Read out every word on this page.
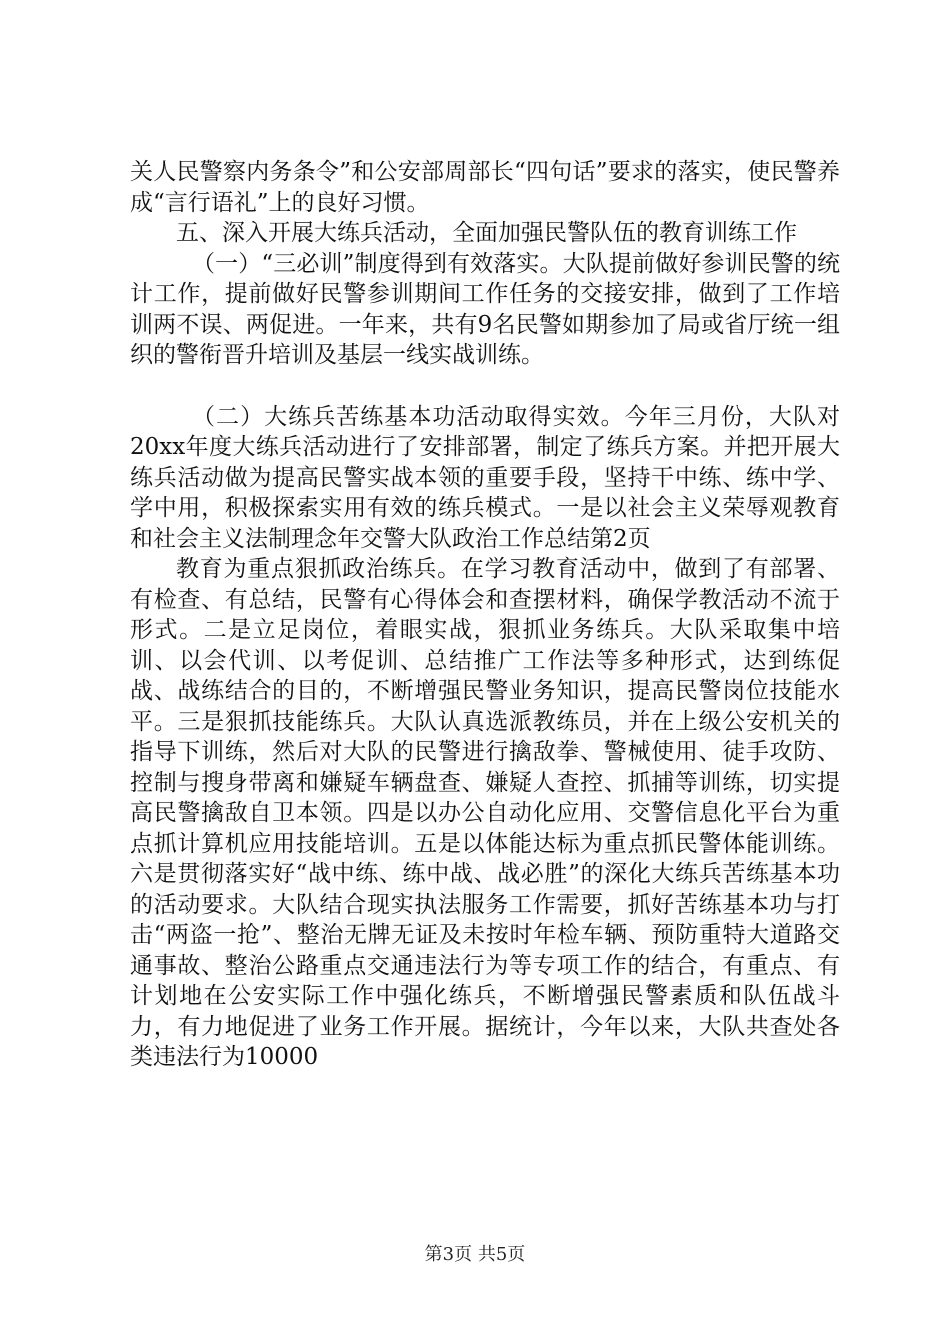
关人民警察内务条令”和公安部周部长“四句话”要求的落实，使民警养成“言行语礼”上的良好习惯。

五、深入开展大练兵活动，全面加强民警队伍的教育训练工作

（一）“三必训”制度得到有效落实。大队提前做好参训民警的统计工作，提前做好民警参训期间工作任务的交接安排，做到了工作培训两不误、两促进。一年来，共有9名民警如期参加了局或省厅统一组织的警衔晋升培训及基层一线实战训练。

（二）大练兵苦练基本功活动取得实效。今年三月份，大队对20xx年度大练兵活动进行了安排部署，制定了练兵方案。并把开展大练兵活动做为提高民警实战本领的重要手段，坚持干中练、练中学、学中用，积极探索实用有效的练兵模式。一是以社会主义荣辱观教育和社会主义法制理念年交警大队政治工作总结第2页

教育为重点狠抓政治练兵。在学习教育活动中，做到了有部署、有检查、有总结，民警有心得体会和查摆材料，确保学教活动不流于形式。二是立足岗位，着眼实战，狠抓业务练兵。大队采取集中培训、以会代训、以考促训、总结推广工作法等多种形式，达到练促战、战练结合的目的，不断增强民警业务知识，提高民警岗位技能水平。三是狠抓技能练兵。大队认真选派教练员，并在上级公安机关的指导下训练，然后对大队的民警进行擒敌拳、警械使用、徒手攻防、控制与搜身带离和嫌疑车辆盘查、嫌疑人查控、抓捕等训练，切实提高民警擒敌自卫本领。四是以办公自动化应用、交警信息化平台为重点抓计算机应用技能培训。五是以体能达标为重点抓民警体能训练。六是贯彻落实好“战中练、练中战、战必胜”的深化大练兵苦练基本功的活动要求。大队结合现实执法服务工作需要，抓好苦练基本功与打击“两盗一抢”、整治无牌无证及未按时年检车辆、预防重特大道路交通事故、整治公路重点交通违法行为等专项工作的结合，有重点、有计划地在公安实际工作中强化练兵，不断增强民警素质和队伍战斗力，有力地促进了业务工作开展。据统计，今年以来，大队共查处各类违法行为10000

第3页 共5页
